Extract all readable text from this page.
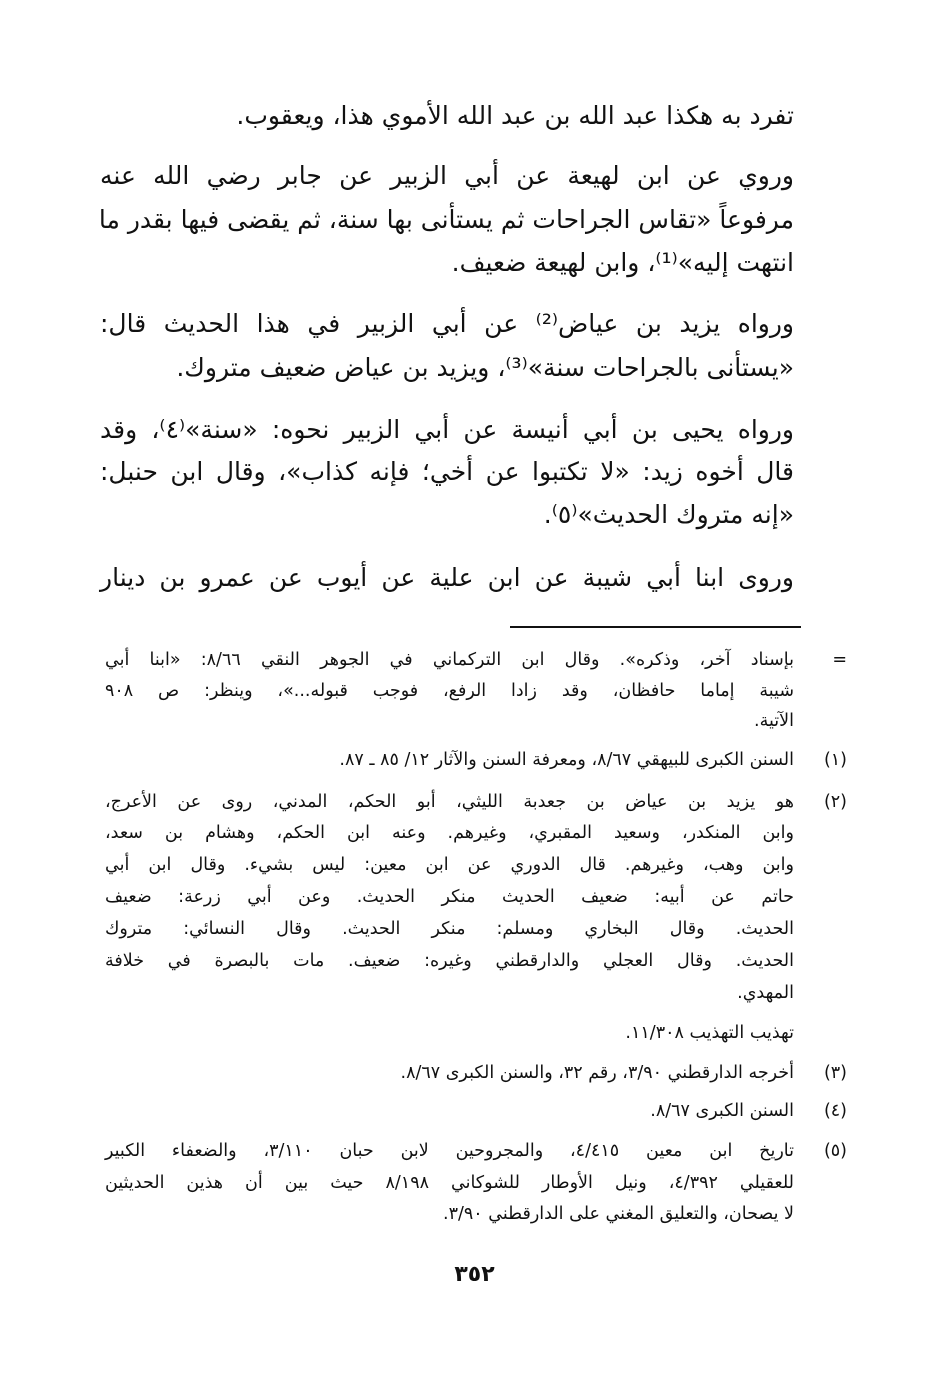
تفرد به هكذا عبد الله بن عبد الله الأموي هذا، ويعقوب.
وروي عن ابن لهيعة عن أبي الزبير عن جابر رضي الله عنه
مرفوعاً «تقاس الجراحات ثم يستأنى بها سنة، ثم يقضى فيها بقدر ما
انتهت إليه»⁽¹⁾، وابن لهيعة ضعيف.
ورواه يزيد بن عياض⁽²⁾ عن أبي الزبير في هذا الحديث قال:
«يستأنى بالجراحات سنة»⁽³⁾، ويزيد بن عياض ضعيف متروك.
ورواه يحيى بن أبي أنيسة عن أبي الزبير نحوه: «سنة»⁽٤⁾، وقد
قال أخوه زيد: «لا تكتبوا عن أخي؛ فإنه كذاب»، وقال ابن حنبل:
«إنه متروك الحديث»⁽٥⁾.
وروى ابنا أبي شيبة عن ابن علية عن أيوب عن عمرو بن دينار
=
بإسناد آخر، وذكره». وقال ابن التركماني في الجوهر النقي ٨/٦٦: «ابنا أبي
شيبة إماما حافظان، وقد زادا الرفع، فوجب قبوله...»، وينظر: ص ٩٠٨
الآتية.
(١)
السنن الكبرى للبيهقي ٨/٦٧، ومعرفة السنن والآثار ١٢/ ٨٥ ـ ٨٧.
(٢)
هو يزيد بن عياض بن جعدبة الليثي، أبو الحكم، المدني، روى عن الأعرج،
وابن المنكدر، وسعيد المقبري، وغيرهم. وعنه ابن الحكم، وهشام بن سعد،
وابن وهب، وغيرهم. قال الدوري عن ابن معين: ليس بشيء. وقال ابن أبي
حاتم عن أبيه: ضعيف الحديث منكر الحديث. وعن أبي زرعة: ضعيف
الحديث. وقال البخاري ومسلم: منكر الحديث. وقال النسائي: متروك
الحديث. وقال العجلي والدارقطني وغيره: ضعيف. مات بالبصرة في خلافة
المهدي.
تهذيب التهذيب ١١/٣٠٨.
(٣)
أخرجه الدارقطني ٣/٩٠، رقم ٣٢، والسنن الكبرى ٨/٦٧.
(٤)
السنن الكبرى ٨/٦٧.
(٥)
تاريخ ابن معين ٤/٤١٥، والمجروحين لابن حبان ٣/١١٠، والضعفاء الكبير
للعقيلي ٤/٣٩٢، ونيل الأوطار للشوكاني ٨/١٩٨ حيث بين أن هذين الحديثين
لا يصحان، والتعليق المغني على الدارقطني ٣/٩٠.
٣٥٢
